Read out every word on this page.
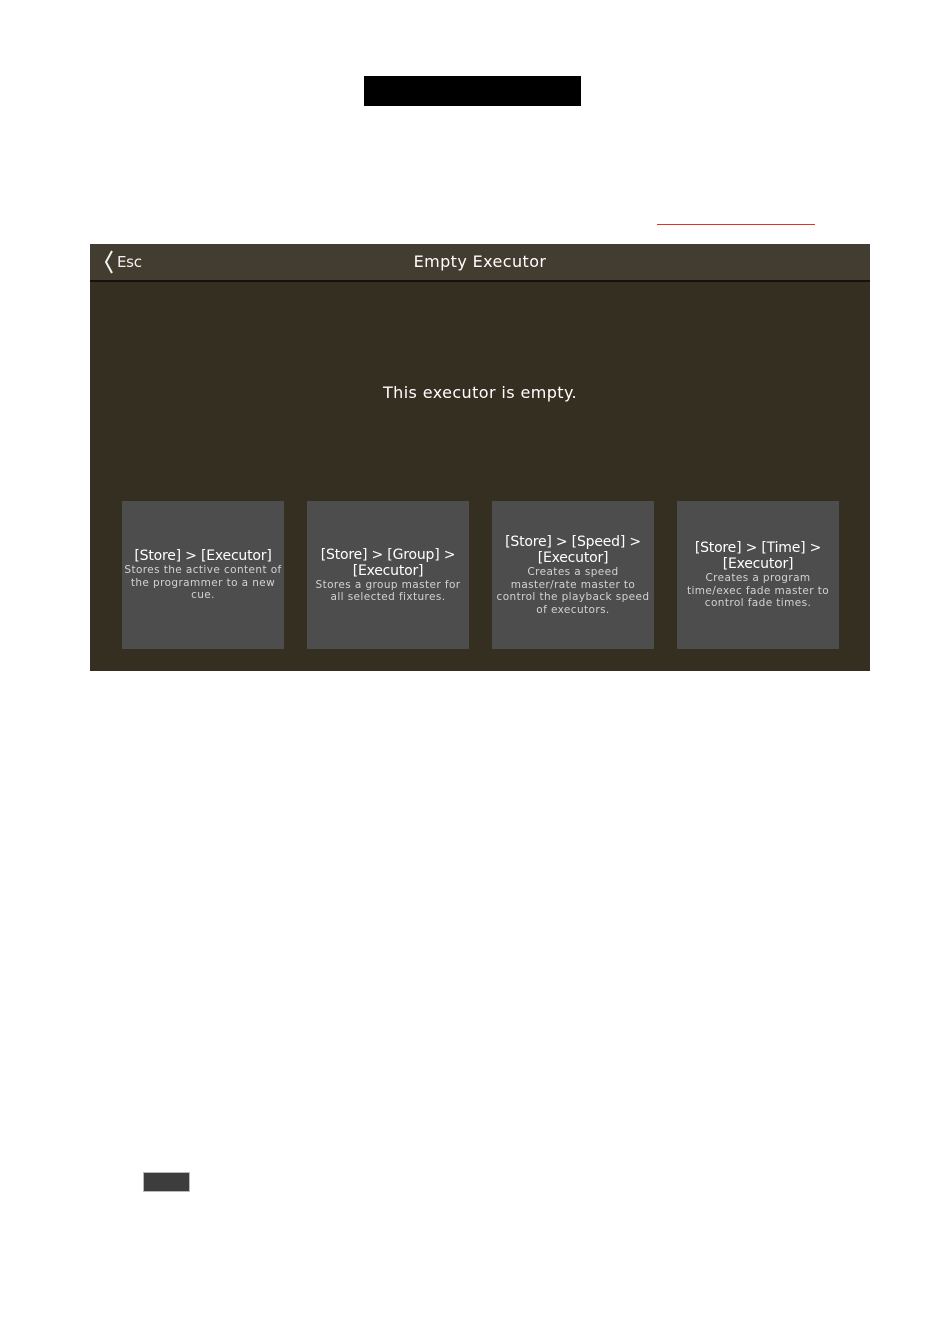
Esc	Empty Executor
This executor is empty.
[Store] > [Executor]
Stores the active content of the programmer to a new cue.
[Store] > [Group] > [Executor]
Stores a group master for all selected fixtures.
[Store] > [Speed] > [Executor]
Creates a speed master/rate master to control the playback speed of executors.
[Store] > [Time] > [Executor]
Creates a program time/exec fade master to control fade times.
